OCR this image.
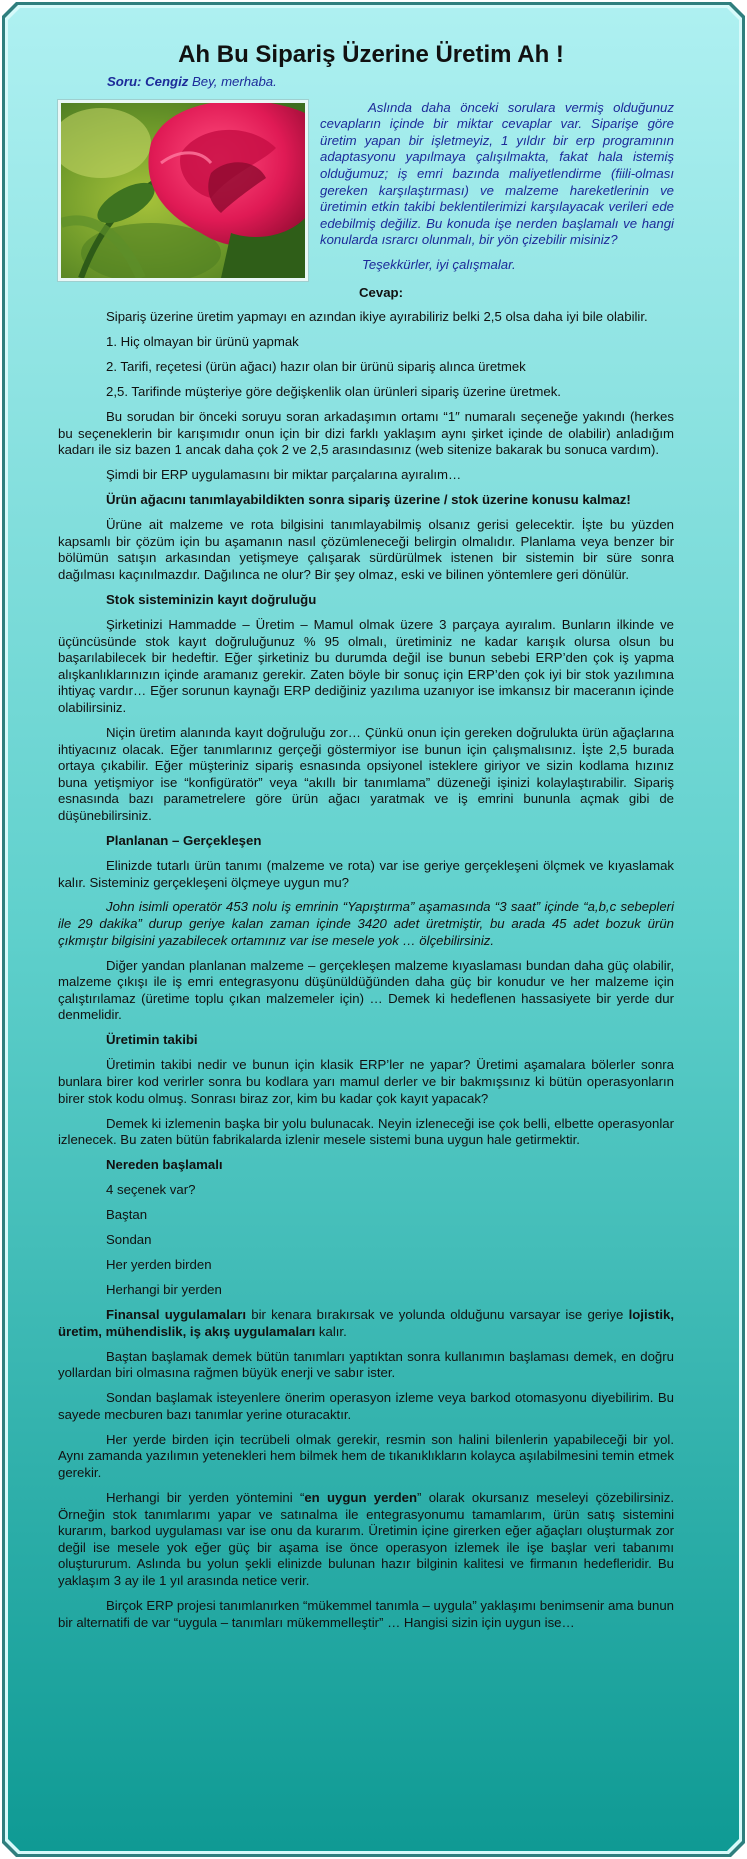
Ah Bu Sipariş Üzerine Üretim Ah !
Soru: Cengiz Bey, merhaba.

Aslında daha önceki sorulara vermiş olduğunuz cevapların içinde bir miktar cevaplar var. Siparişe göre üretim yapan bir işletmeyiz, 1 yıldır bir erp programının adaptasyonu yapılmaya çalışılmakta, fakat hala istemiş olduğumuz; iş emri bazında maliyetlendirme (fiili-olması gereken karşılaştırması) ve malzeme hareketlerinin ve üretimin etkin takibi beklentilerimizi karşılayacak verileri ede edebilmiş değiliz. Bu konuda işe nerden başlamalı ve hangi konularda ısrarcı olunmalı, bir yön çizebilir misiniz?

Teşekkürler, iyi çalışmalar.
Cevap:

Sipariş üzerine üretim yapmayı en azından ikiye ayırabiliriz belki 2,5 olsa daha iyi bile olabilir.

1. Hiç olmayan bir ürünü yapmak

2. Tarifi, reçetesi (ürün ağacı) hazır olan bir ürünü sipariş alınca üretmek

2,5. Tarifinde müşteriye göre değişkenlik olan ürünleri sipariş üzerine üretmek.

Bu sorudan bir önceki soruyu soran arkadaşımın ortamı “1″ numaralı seçeneğe yakındı (herkes bu seçeneklerin bir karışımıdır onun için bir dizi farklı yaklaşım aynı şirket içinde de olabilir) anladığım kadarı ile siz bazen 1 ancak daha çok 2 ve 2,5 arasındasınız (web sitenize bakarak bu sonuca vardım).

Şimdi bir ERP uygulamasını bir miktar parçalarına ayıralım…

Ürün ağacını tanımlayabildikten sonra sipariş üzerine / stok üzerine konusu kalmaz!

Ürüne ait malzeme ve rota bilgisini tanımlayabilmiş olsanız gerisi gelecektir. İşte bu yüzden kapsamlı bir çözüm için bu aşamanın nasıl çözümleneceği belirgin olmalıdır. Planlama veya benzer bir bölümün satışın arkasından yetişmeye çalışarak sürdürülmek istenen bir sistemin bir süre sonra dağılması kaçınılmazdır. Dağılınca ne olur? Bir şey olmaz, eski ve bilinen yöntemlere geri dönülür.

Stok sisteminizin kayıt doğruluğu

Şirketinizi Hammadde – Üretim – Mamul olmak üzere 3 parçaya ayıralım. Bunların ilkinde ve üçüncüsünde stok kayıt doğruluğunuz % 95 olmalı, üretiminiz ne kadar karışık olursa olsun bu başarılabilecek bir hedeftir. Eğer şirketiniz bu durumda değil ise bunun sebebi ERP’den çok iş yapma alışkanlıklarınızın içinde aramanız gerekir. Zaten böyle bir sonuç için ERP’den çok iyi bir stok yazılımına ihtiyaç vardır… Eğer sorunun kaynağı ERP dediğiniz yazılıma uzanıyor ise imkansız bir maceranın içinde olabilirsiniz.

Niçin üretim alanında kayıt doğruluğu zor… Çünkü onun için gereken doğrulukta ürün ağaçlarına ihtiyacınız olacak. Eğer tanımlarınız gerçeği göstermiyor ise bunun için çalışmalısınız. İşte 2,5 burada ortaya çıkabilir. Eğer müşteriniz sipariş esnasında opsiyonel isteklere giriyor ve sizin kodlama hızınız buna yetişmiyor ise “konfigüratör” veya “akıllı bir tanımlama” düzeneği işinizi kolaylaştırabilir. Sipariş esnasında bazı parametrelere göre ürün ağacı yaratmak ve iş emrini bununla açmak gibi de düşünebilirsiniz.

Planlanan – Gerçekleşen

Elinizde tutarlı ürün tanımı (malzeme ve rota) var ise geriye gerçekleşeni ölçmek ve kıyaslamak kalır. Sisteminiz gerçekleşeni ölçmeye uygun mu?

John isimli operatör 453 nolu iş emrinin “Yapıştırma” aşamasında “3 saat” içinde “a,b,c sebepleri ile 29 dakika” durup geriye kalan zaman içinde 3420 adet üretmiştir, bu arada 45 adet bozuk ürün çıkmıştır bilgisini yazabilecek ortamınız var ise mesele yok … ölçebilirsiniz.

Diğer yandan planlanan malzeme – gerçekleşen malzeme kıyaslaması bundan daha güç olabilir, malzeme çıkışı ile iş emri entegrasyonu düşünüldüğünden daha güç bir konudur ve her malzeme için çalıştırılamaz (üretime toplu çıkan malzemeler için) … Demek ki hedeflenen hassasiyete bir yerde dur denmelidir.

Üretimin takibi

Üretimin takibi nedir ve bunun için klasik ERP’ler ne yapar? Üretimi aşamalara bölerler sonra bunlara birer kod verirler sonra bu kodlara yarı mamul derler ve bir bakmışsınız ki bütün operasyonların birer stok kodu olmuş. Sonrası biraz zor, kim bu kadar çok kayıt yapacak?

Demek ki izlemenin başka bir yolu bulunacak. Neyin izleneceği ise çok belli, elbette operasyonlar izlenecek. Bu zaten bütün fabrikalarda izlenir mesele sistemi buna uygun hale getirmektir.

Nereden başlamalı

4 seçenek var?

Baştan

Sondan

Her yerden birden

Herhangi bir yerden

Finansal uygulamaları bir kenara bırakırsak ve yolunda olduğunu varsayar ise geriye lojistik, üretim, mühendislik, iş akış uygulamaları kalır.

Baştan başlamak demek bütün tanımları yaptıktan sonra kullanımın başlaması demek, en doğru yollardan biri olmasına rağmen büyük enerji ve sabır ister.

Sondan başlamak isteyenlere önerim operasyon izleme veya barkod otomasyonu diyebilirim. Bu sayede mecburen bazı tanımlar yerine oturacaktır.

Her yerde birden için tecrübeli olmak gerekir, resmin son halini bilenlerin yapabileceği bir yol. Aynı zamanda yazılımın yetenekleri hem bilmek hem de tıkanıklıkların kolayca aşılabilmesini temin etmek gerekir.

Herhangi bir yerden yöntemini “en uygun yerden” olarak okursanız meseleyi çözebilirsiniz. Örneğin stok tanımlarımı yapar ve satınalma ile entegrasyonumu tamamlarım, ürün satış sistemini kurarım, barkod uygulaması var ise onu da kurarım. Üretimin içine girerken eğer ağaçları oluşturmak zor değil ise mesele yok eğer güç bir aşama ise önce operasyon izlemek ile işe başlar veri tabanımı oluştururum. Aslında bu yolun şekli elinizde bulunan hazır bilginin kalitesi ve firmanın hedefleridir. Bu yaklaşım 3 ay ile 1 yıl arasında netice verir.

Birçok ERP projesi tanımlanırken “mükemmel tanımla – uygula” yaklaşımı benimsenir ama bunun bir alternatifi de var “uygula – tanımları mükemmelleştir” … Hangisi sizin için uygun ise…
